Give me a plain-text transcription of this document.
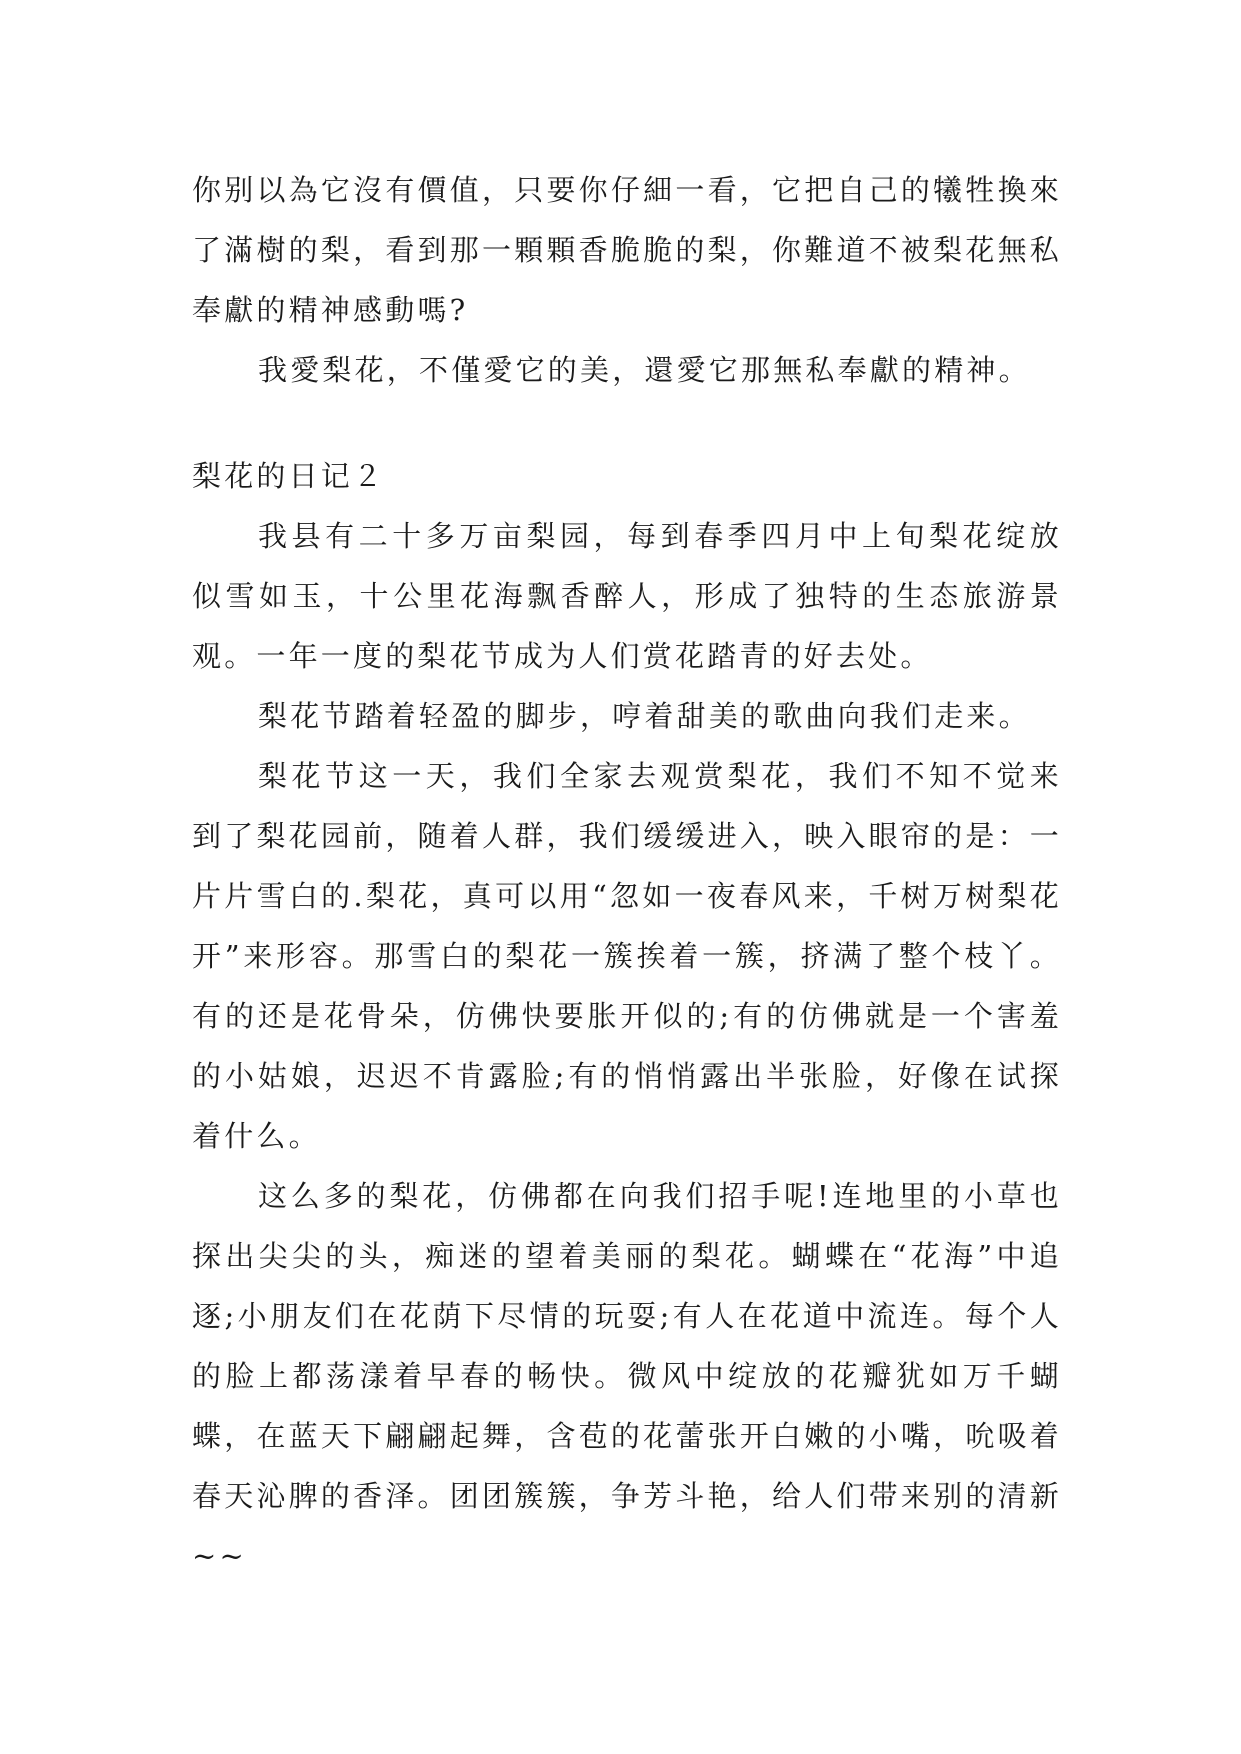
你别以為它沒有價值，只要你仔細一看，它把自己的犧牲換來了滿樹的梨，看到那一顆顆香脆脆的梨，你難道不被梨花無私奉獻的精神感動嗎?

我愛梨花，不僅愛它的美，還愛它那無私奉獻的精神。

梨花的日记２

我县有二十多万亩梨园，每到春季四月中上旬梨花绽放似雪如玉，十公里花海飘香醉人，形成了独特的生态旅游景观。一年一度的梨花节成为人们赏花踏青的好去处。

梨花节踏着轻盈的脚步，哼着甜美的歌曲向我们走来。

梨花节这一天，我们全家去观赏梨花，我们不知不觉来到了梨花园前，随着人群，我们缓缓进入，映入眼帘的是：一片片雪白的.梨花，真可以用“忽如一夜春风来，千树万树梨花开”来形容。那雪白的梨花一簇挨着一簇，挤满了整个枝丫。有的还是花骨朵，仿佛快要胀开似的;有的仿佛就是一个害羞的小姑娘，迟迟不肯露脸;有的悄悄露出半张脸，好像在试探着什么。

这么多的梨花，仿佛都在向我们招手呢!连地里的小草也探出尖尖的头，痴迷的望着美丽的梨花。蝴蝶在“花海”中追逐;小朋友们在花荫下尽情的玩耍;有人在花道中流连。每个人的脸上都荡漾着早春的畅快。微风中绽放的花瓣犹如万千蝴蝶，在蓝天下翩翩起舞，含苞的花蕾张开白嫩的小嘴，吮吸着春天沁脾的香泽。团团簇簇，争芳斗艳，给人们带来别的清新~~
